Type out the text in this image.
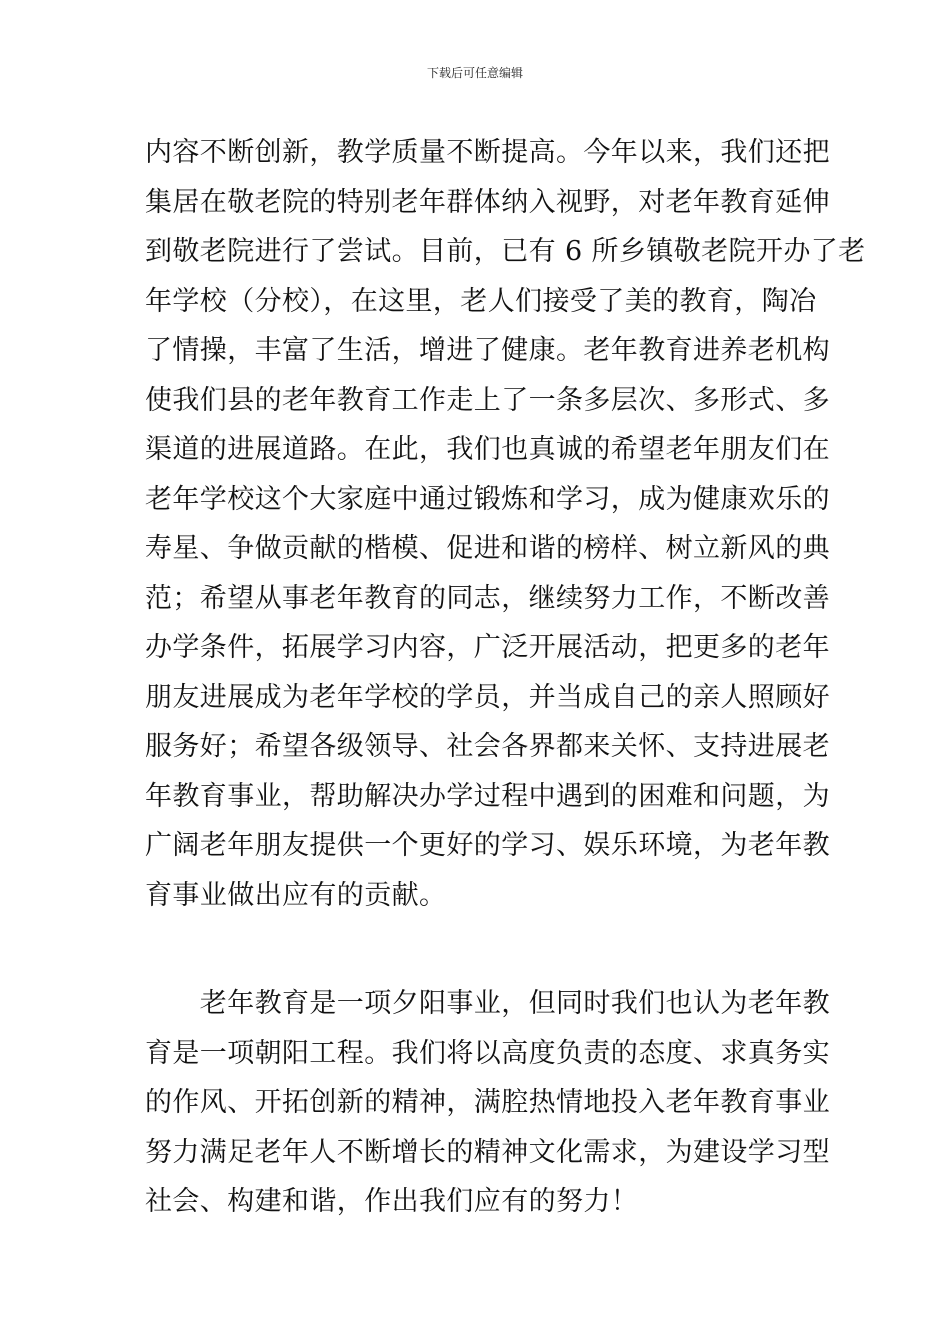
下载后可任意编辑
内容不断创新，教学质量不断提高。今年以来，我们还把
集居在敬老院的特别老年群体纳入视野，对老年教育延伸
到敬老院进行了尝试。目前，已有 6 所乡镇敬老院开办了老
年学校（分校），在这里，老人们接受了美的教育，陶冶
了情操，丰富了生活，增进了健康。老年教育进养老机构
使我们县的老年教育工作走上了一条多层次、多形式、多
渠道的进展道路。在此，我们也真诚的希望老年朋友们在
老年学校这个大家庭中通过锻炼和学习，成为健康欢乐的
寿星、争做贡献的楷模、促进和谐的榜样、树立新风的典
范；希望从事老年教育的同志，继续努力工作，不断改善
办学条件，拓展学习内容，广泛开展活动，把更多的老年
朋友进展成为老年学校的学员，并当成自己的亲人照顾好
服务好；希望各级领导、社会各界都来关怀、支持进展老
年教育事业，帮助解决办学过程中遇到的困难和问题，为
广阔老年朋友提供一个更好的学习、娱乐环境，为老年教
育事业做出应有的贡献。
　　老年教育是一项夕阳事业，但同时我们也认为老年教
育是一项朝阳工程。我们将以高度负责的态度、求真务实
的作风、开拓创新的精神，满腔热情地投入老年教育事业
努力满足老年人不断增长的精神文化需求，为建设学习型
社会、构建和谐，作出我们应有的努力！
